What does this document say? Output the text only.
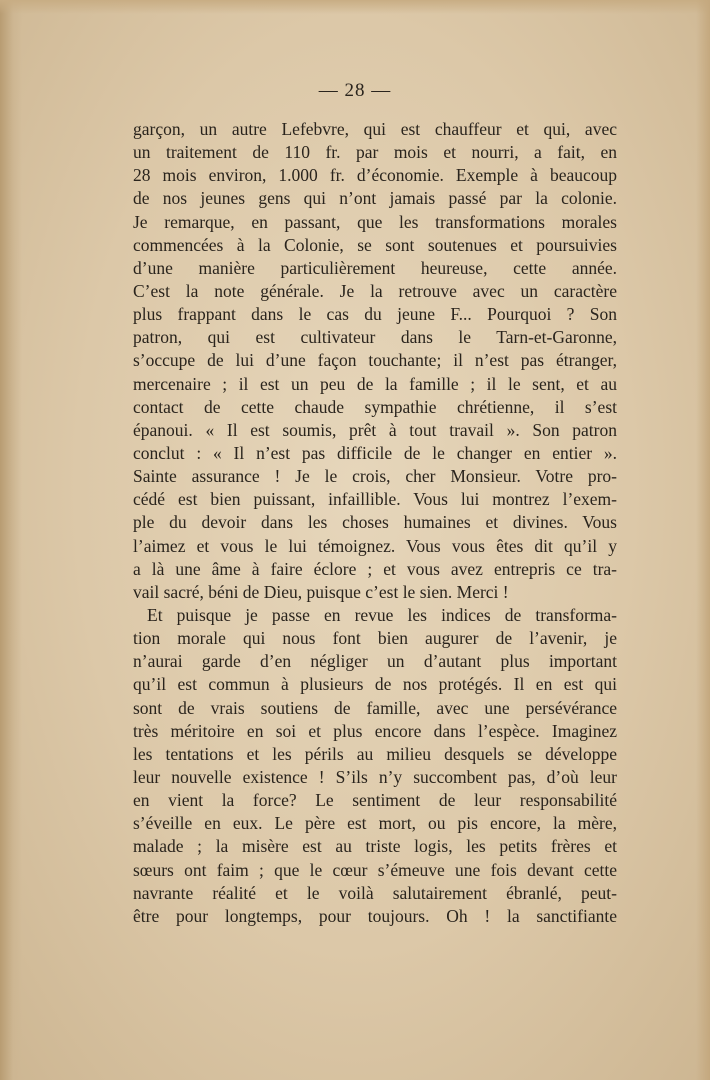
— 28 —
garçon, un autre Lefebvre, qui est chauffeur et qui, avec
un traitement de 110 fr. par mois et nourri, a fait, en
28 mois environ, 1.000 fr. d’économie. Exemple à beaucoup
de nos jeunes gens qui n’ont jamais passé par la colonie.
Je remarque, en passant, que les transformations morales
commencées à la Colonie, se sont soutenues et poursuivies
d’une manière particulièrement heureuse, cette année.
C’est la note générale. Je la retrouve avec un caractère
plus frappant dans le cas du jeune F... Pourquoi ? Son
patron, qui est cultivateur dans le Tarn-et-Garonne,
s’occupe de lui d’une façon touchante; il n’est pas étranger,
mercenaire ; il est un peu de la famille ; il le sent, et au
contact de cette chaude sympathie chrétienne, il s’est
épanoui. « Il est soumis, prêt à tout travail ». Son patron
conclut : « Il n’est pas difficile de le changer en entier ».
Sainte assurance ! Je le crois, cher Monsieur. Votre pro-
cédé est bien puissant, infaillible. Vous lui montrez l’exem-
ple du devoir dans les choses humaines et divines. Vous
l’aimez et vous le lui témoignez. Vous vous êtes dit qu’il y
a là une âme à faire éclore ; et vous avez entrepris ce tra-
vail sacré, béni de Dieu, puisque c’est le sien. Merci !
Et puisque je passe en revue les indices de transforma-
tion morale qui nous font bien augurer de l’avenir, je
n’aurai garde d’en négliger un d’autant plus important
qu’il est commun à plusieurs de nos protégés. Il en est qui
sont de vrais soutiens de famille, avec une persévérance
très méritoire en soi et plus encore dans l’espèce. Imaginez
les tentations et les périls au milieu desquels se développe
leur nouvelle existence ! S’ils n’y succombent pas, d’où leur
en vient la force? Le sentiment de leur responsabilité
s’éveille en eux. Le père est mort, ou pis encore, la mère,
malade ; la misère est au triste logis, les petits frères et
sœurs ont faim ; que le cœur s’émeuve une fois devant cette
navrante réalité et le voilà salutairement ébranlé, peut-
être pour longtemps, pour toujours. Oh ! la sanctifiante
